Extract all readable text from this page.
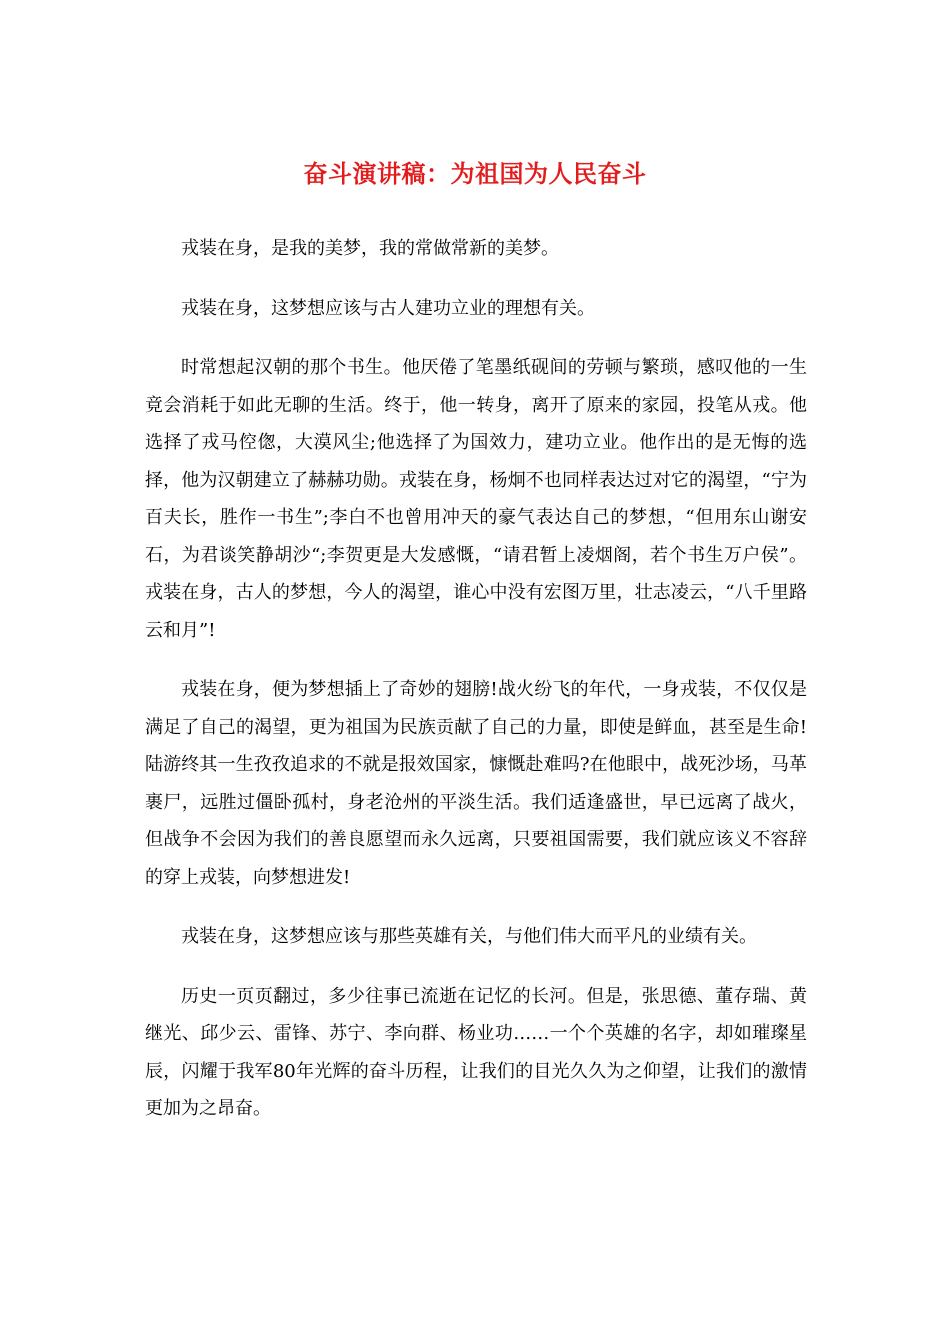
奋斗演讲稿：为祖国为人民奋斗

戎装在身，是我的美梦，我的常做常新的美梦。

戎装在身，这梦想应该与古人建功立业的理想有关。

时常想起汉朝的那个书生。他厌倦了笔墨纸砚间的劳顿与繁琐，感叹他的一生竟会消耗于如此无聊的生活。终于，他一转身，离开了原来的家园，投笔从戎。他选择了戎马倥偬，大漠风尘;他选择了为国效力，建功立业。他作出的是无悔的选择，他为汉朝建立了赫赫功勋。戎装在身，杨炯不也同样表达过对它的渴望，“宁为百夫长，胜作一书生”;李白不也曾用冲天的豪气表达自己的梦想，“但用东山谢安石，为君谈笑静胡沙“;李贺更是大发感慨，“请君暂上凌烟阁，若个书生万户侯”。戎装在身，古人的梦想，今人的渴望，谁心中没有宏图万里，壮志凌云，“八千里路云和月”!

戎装在身，便为梦想插上了奇妙的翅膀!战火纷飞的年代，一身戎装，不仅仅是满足了自己的渴望，更为祖国为民族贡献了自己的力量，即使是鲜血，甚至是生命!陆游终其一生孜孜追求的不就是报效国家，慷慨赴难吗?在他眼中，战死沙场，马革裹尸，远胜过僵卧孤村，身老沧州的平淡生活。我们适逢盛世，早已远离了战火，但战争不会因为我们的善良愿望而永久远离，只要祖国需要，我们就应该义不容辞的穿上戎装，向梦想进发!

戎装在身，这梦想应该与那些英雄有关，与他们伟大而平凡的业绩有关。

历史一页页翻过，多少往事已流逝在记忆的长河。但是，张思德、董存瑞、黄继光、邱少云、雷锋、苏宁、李向群、杨业功……一个个英雄的名字，却如璀璨星辰，闪耀于我军80年光辉的奋斗历程，让我们的目光久久为之仰望，让我们的激情更加为之昂奋。
